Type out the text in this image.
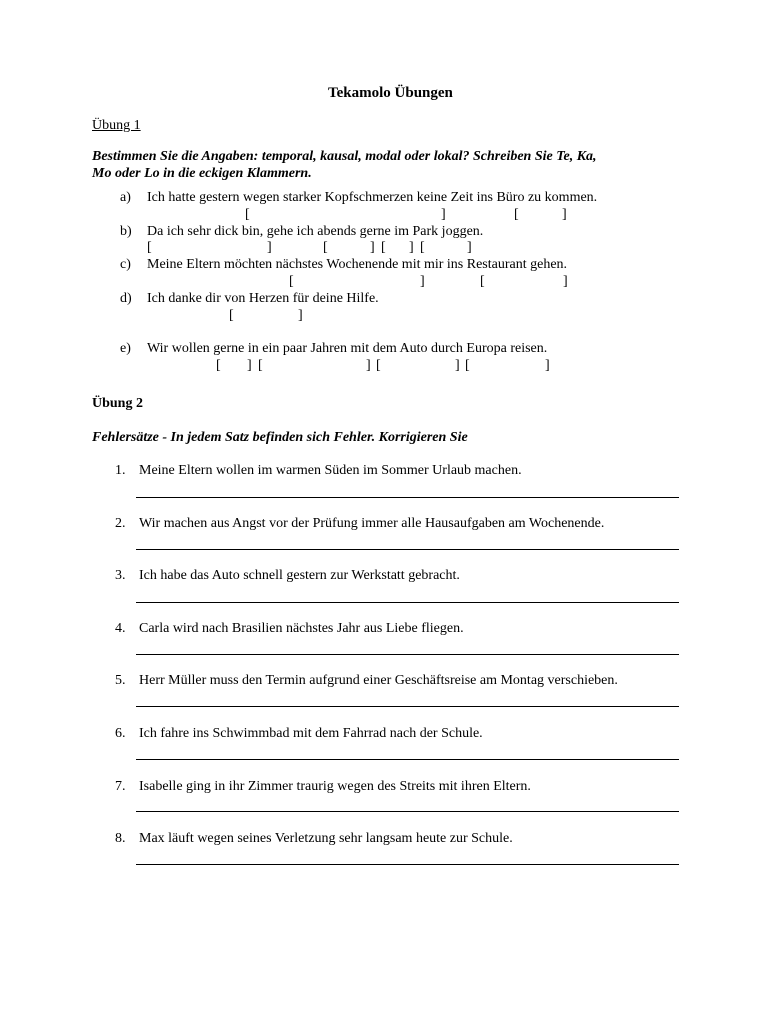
Tekamolo Übungen
Übung 1
Bestimmen Sie die Angaben: temporal, kausal, modal oder lokal? Schreiben Sie Te, Ka,
Mo oder Lo in die eckigen Klammern.
a) Ich hatte gestern wegen starker Kopfschmerzen keine Zeit ins Büro zu kommen.
[	]	[	]
b) Da ich sehr dick bin, gehe ich abends gerne im Park joggen.
[	]	[	] [ ] [	]
c) Meine Eltern möchten nächstes Wochenende mit mir ins Restaurant gehen.
[	]	[	]
d) Ich danke dir von Herzen für deine Hilfe.
[	]
e) Wir wollen gerne in ein paar Jahren mit dem Auto durch Europa reisen.
[ ] [	] [	] [	]
Übung 2
Fehlersätze - In jedem Satz befinden sich Fehler. Korrigieren Sie
1. Meine Eltern wollen im warmen Süden im Sommer Urlaub machen.
2. Wir machen aus Angst vor der Prüfung immer alle Hausaufgaben am Wochenende.
3. Ich habe das Auto schnell gestern zur Werkstatt gebracht.
4. Carla wird nach Brasilien nächstes Jahr aus Liebe fliegen.
5. Herr Müller muss den Termin aufgrund einer Geschäftsreise am Montag verschieben.
6. Ich fahre ins Schwimmbad mit dem Fahrrad nach der Schule.
7. Isabelle ging in ihr Zimmer traurig wegen des Streits mit ihren Eltern.
8. Max läuft wegen seines Verletzung sehr langsam heute zur Schule.
